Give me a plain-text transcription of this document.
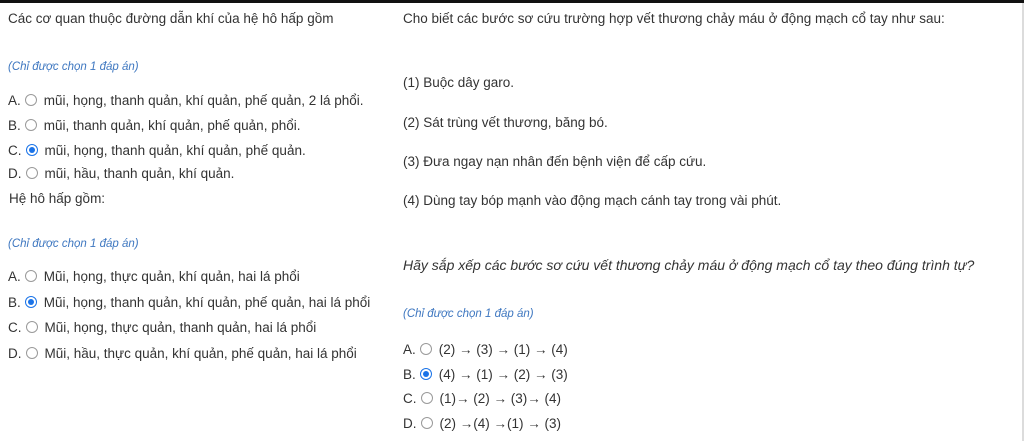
Các cơ quan thuộc đường dẫn khí của hệ hô hấp gồm
(Chỉ được chọn 1 đáp án)
A. mũi, họng, thanh quản, khí quản, phế quản, 2 lá phổi.
B. mũi, thanh quản, khí quản, phế quản, phổi.
C. mũi, họng, thanh quản, khí quản, phế quản.
D. mũi, hầu, thanh quản, khí quản.
Hệ hô hấp gồm:
(Chỉ được chọn 1 đáp án)
A. Mũi, họng, thực quản, khí quản, hai lá phổi
B. Mũi, họng, thanh quản, khí quản, phế quản, hai lá phổi
C. Mũi, họng, thực quản, thanh quản, hai lá phổi
D. Mũi, hầu, thực quản, khí quản, phế quản, hai lá phổi
Cho biết các bước sơ cứu trường hợp vết thương chảy máu ở động mạch cổ tay như sau:
(1) Buộc dây garo.
(2) Sát trùng vết thương, băng bó.
(3) Đưa ngay nạn nhân đến bệnh viện để cấp cứu.
(4) Dùng tay bóp mạnh vào động mạch cánh tay trong vài phút.
Hãy sắp xếp các bước sơ cứu vết thương chảy máu ở động mạch cổ tay theo đúng trình tự?
(Chỉ được chọn 1 đáp án)
A. (2) → (3) → (1) → (4)
B. (4) → (1) → (2) → (3)
C. (1)→ (2) → (3)→ (4)
D. (2) →(4) →(1) → (3)
